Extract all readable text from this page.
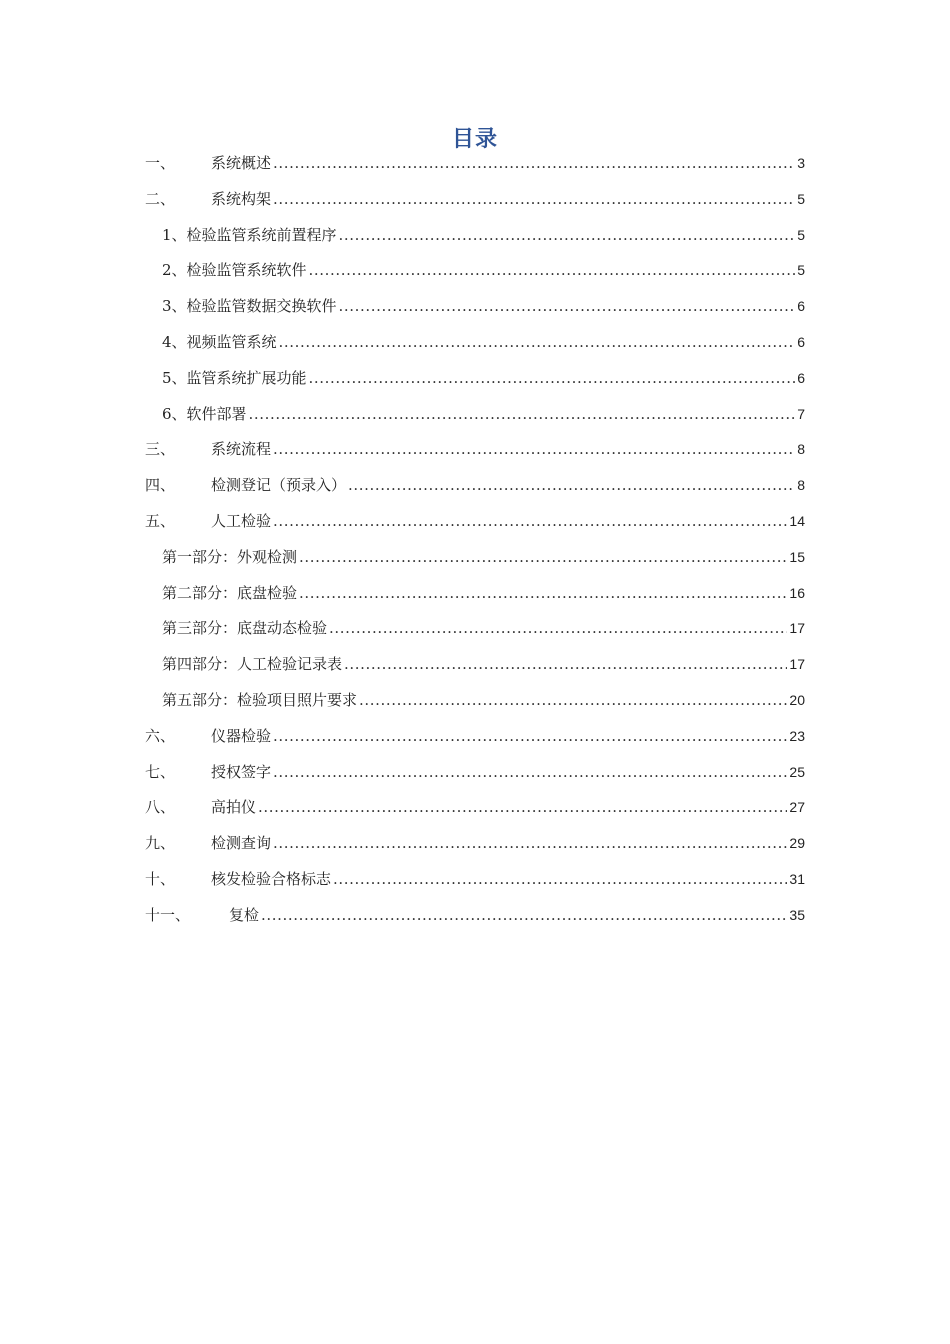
目录
一、	系统概述 .....	3
二、	系统构架 .....	5
1、检验监管系统前置程序 .....	5
2、检验监管系统软件 .....	5
3、检验监管数据交换软件 .....	6
4、视频监管系统 .....	6
5、监管系统扩展功能 .....	6
6、软件部署 .....	7
三、	系统流程 .....	8
四、	检测登记（预录入） .....	8
五、	人工检验 .....	14
第一部分：外观检测 .....	15
第二部分：底盘检验 .....	16
第三部分：底盘动态检验 .....	17
第四部分：人工检验记录表 .....	17
第五部分：检验项目照片要求 .....	20
六、	仪器检验 .....	23
七、	授权签字 .....	25
八、	高拍仪 .....	27
九、	检测查询 .....	29
十、	核发检验合格标志 .....	31
十一、	复检 .....	35
